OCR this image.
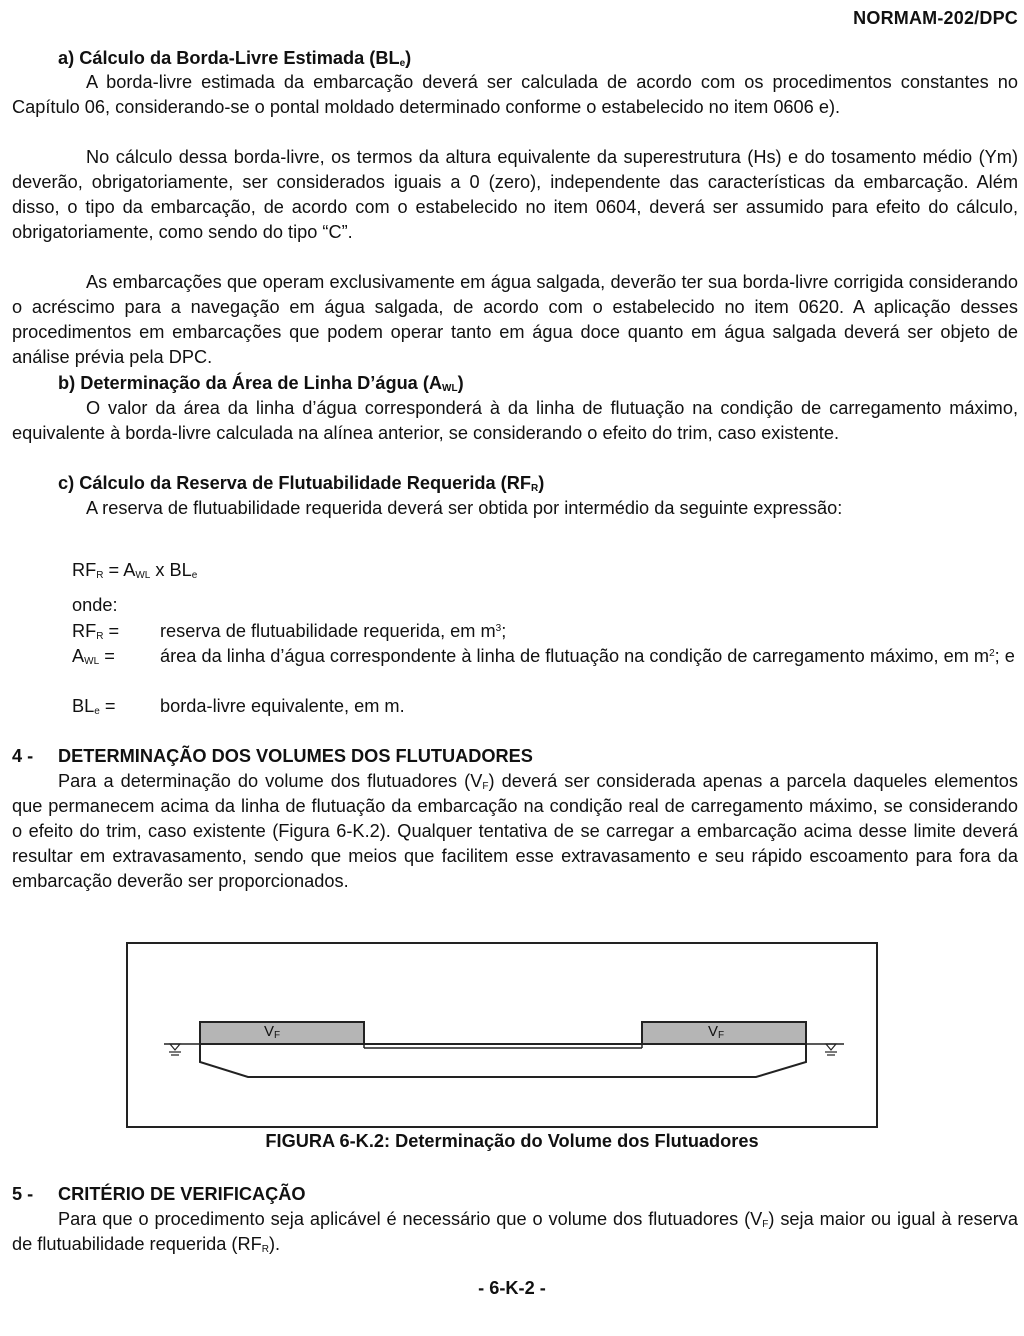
NORMAM-202/DPC
a) Cálculo da Borda-Livre Estimada $(BL_e)$
A borda-livre estimada da embarcação deverá ser calculada de acordo com os procedimentos constantes no Capítulo 06, considerando-se o pontal moldado determinado conforme o estabelecido no item 0606 e).
No cálculo dessa borda-livre, os termos da altura equivalente da superestrutura (Hs) e do tosamento médio (Ym) deverão, obrigatoriamente, ser considerados iguais a 0 (zero), independente das características da embarcação. Além disso, o tipo da embarcação, de acordo com o estabelecido no item 0604, deverá ser assumido para efeito do cálculo, obrigatoriamente, como sendo do tipo “C”.
As embarcações que operam exclusivamente em água salgada, deverão ter sua borda-livre corrigida considerando o acréscimo para a navegação em água salgada, de acordo com o estabelecido no item 0620. A aplicação desses procedimentos em embarcações que podem operar tanto em água doce quanto em água salgada deverá ser objeto de análise prévia pela DPC.
b) Determinação da Área de Linha D’água $(A_{WL})$
O valor da área da linha d’água corresponderá à da linha de flutuação na condição de carregamento máximo, equivalente à borda-livre calculada na alínea anterior, se considerando o efeito do trim, caso existente.
c) Cálculo da Reserva de Flutuabilidade Requerida $(RF_R)$
A reserva de flutuabilidade requerida deverá ser obtida por intermédio da seguinte expressão:
$RF_R = A_{WL}$ x $BL_e$
onde:
$RF_R$ = reserva de flutuabilidade requerida, em $m^3$;
$A_{WL}$ = área da linha d’água correspondente à linha de flutuação na condição de carregamento máximo, em $m^2$; e
$BL_e$ = borda-livre equivalente, em m.
4 - DETERMINAÇÃO DOS VOLUMES DOS FLUTUADORES
Para a determinação do volume dos flutuadores $(V_F)$ deverá ser considerada apenas a parcela daqueles elementos que permanecem acima da linha de flutuação da embarcação na condição real de carregamento máximo, se considerando o efeito do trim, caso existente (Figura 6-K.2). Qualquer tentativa de se carregar a embarcação acima desse limite deverá resultar em extravasamento, sendo que meios que facilitem esse extravasamento e seu rápido escoamento para fora da embarcação deverão ser proporcionados.
5 - CRITÉRIO DE VERIFICAÇÃO
Para que o procedimento seja aplicável é necessário que o volume dos flutuadores $(V_F)$ seja maior ou igual à reserva de flutuabilidade requerida $(RF_R)$.
$V_F$	$V_F$
FIGURA 6-K.2: Determinação do Volume dos Flutuadores
- 6-K-2 -
